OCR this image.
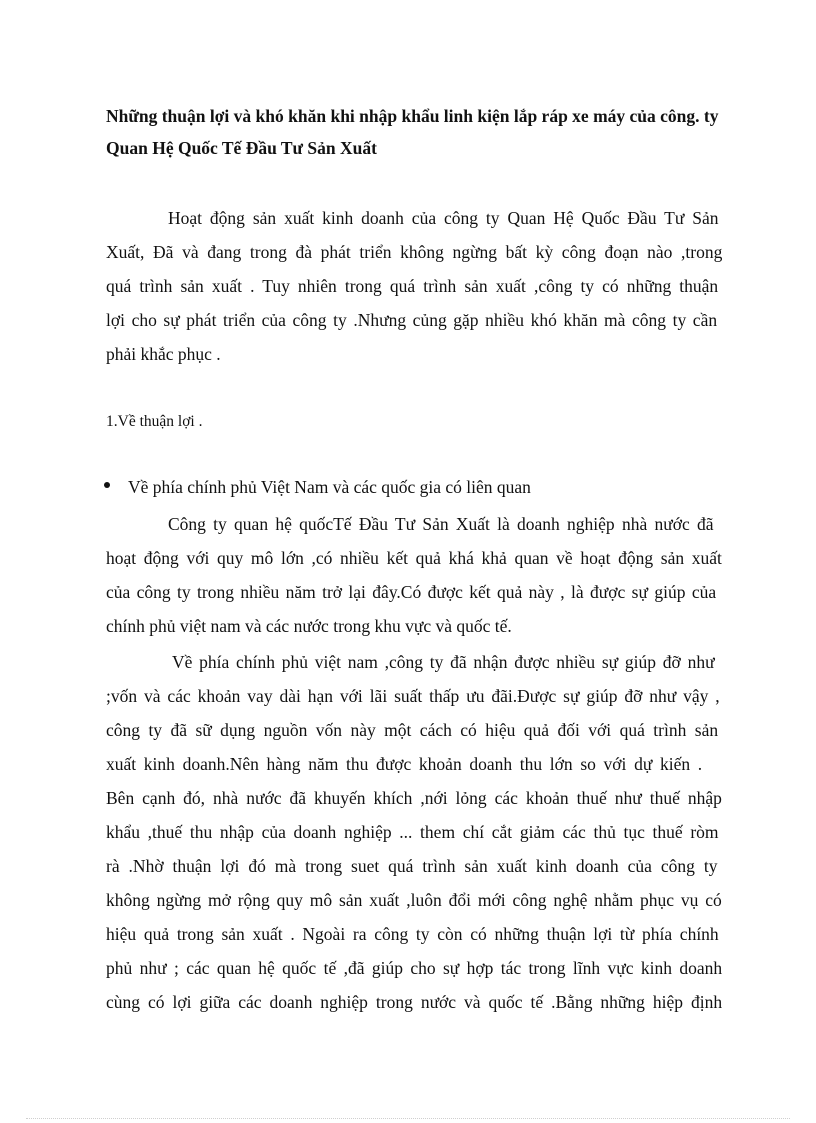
Những thuận lợi và khó khăn khi nhập khẩu linh kiện lắp ráp xe máy của công. ty Quan Hệ Quốc Tế Đầu Tư Sản Xuất
Hoạt động sản xuất kinh doanh của công ty Quan Hệ Quốc Đầu Tư Sản
Xuất, Đã và đang trong đà phát triển không ngừng bất kỳ công đoạn nào ,trong
quá trình sản xuất . Tuy nhiên trong quá trình sản xuất ,công ty có những thuận
lợi cho sự phát triển của công ty .Nhưng củng gặp nhiều khó khăn mà công ty cần
phải khắc phục .
1.Về thuận lợi .
Về phía chính phủ Việt Nam và các quốc gia có liên quan
Công ty quan hệ quốcTế Đầu Tư Sản Xuất là doanh nghiệp nhà nước đã
hoạt động với quy mô lớn ,có nhiều kết quả khá khả quan về hoạt động sản xuất
của công ty trong nhiều năm trở lại đây.Có được kết quả này , là được sự giúp của
chính phủ việt nam và các nước trong khu vực và quốc tế.
Về phía chính phủ việt nam ,công ty đã nhận được nhiều sự giúp đỡ như
;vốn và các khoản vay dài hạn với lãi suất thấp ưu đãi.Được sự giúp đỡ như vậy ,
công ty đã sữ dụng nguồn vốn này một cách có hiệu quả đối với quá trình sản
xuất kinh doanh.Nên hàng năm thu được khoản doanh thu lớn so với dự kiến .
Bên cạnh đó, nhà nước đã khuyến khích ,nới lỏng các khoản thuế như thuế nhập
khẩu ,thuế thu nhập của doanh nghiệp ... them chí cắt giảm các thủ tục thuế ròm
rà .Nhờ thuận lợi đó mà trong suet quá trình sản xuất kinh doanh của công ty
không ngừng mở rộng quy mô sản xuất ,luôn đổi mới công nghệ nhằm phục vụ có
hiệu quả trong sản xuất . Ngoài ra công ty còn có những thuận lợi từ phía chính
phủ như ; các quan hệ quốc tế ,đã giúp cho sự hợp tác trong lĩnh vực kinh doanh
cùng có lợi giữa các doanh nghiệp trong nước và quốc tế .Bằng những hiệp định
